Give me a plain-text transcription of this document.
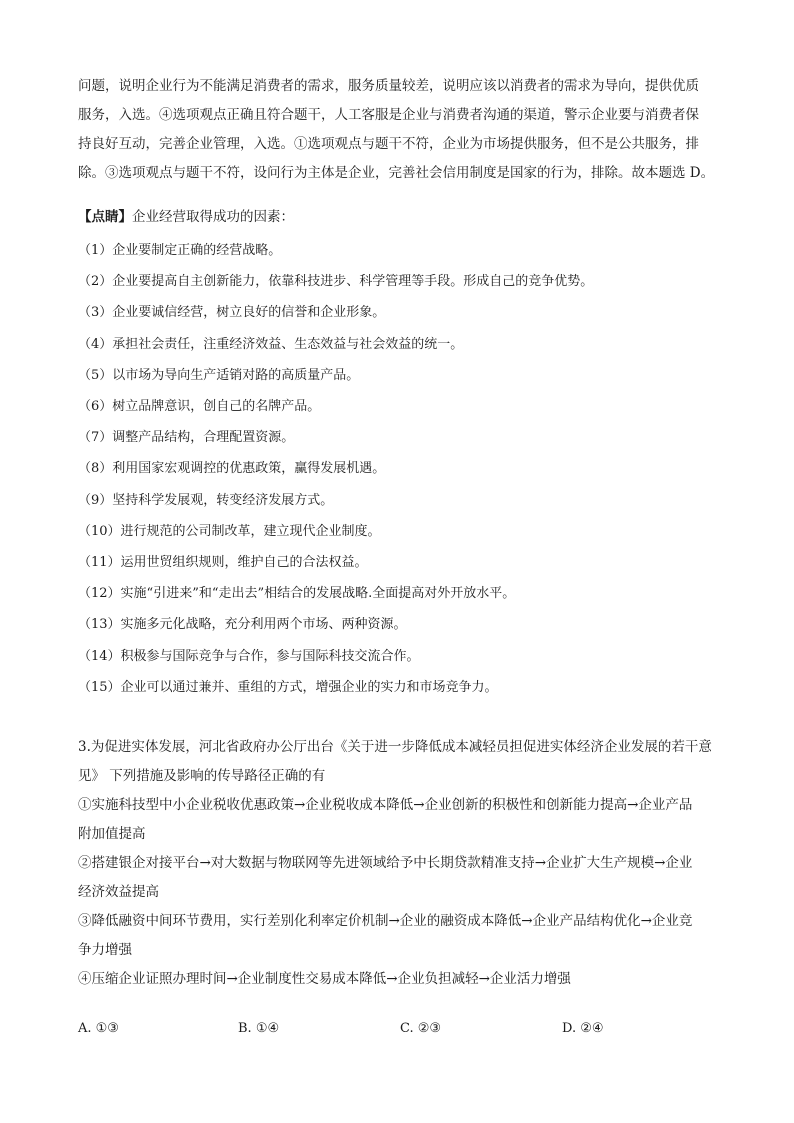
问题，说明企业行为不能满足消费者的需求，服务质量较差，说明应该以消费者的需求为导向，提供优质

服务，入选。④选项观点正确且符合题干，人工客服是企业与消费者沟通的渠道，警示企业要与消费者保

持良好互动，完善企业管理，入选。①选项观点与题干不符，企业为市场提供服务，但不是公共服务，排

除。③选项观点与题干不符，设问行为主体是企业，完善社会信用制度是国家的行为，排除。故本题选 D。

【点睛】企业经营取得成功的因素：

（1）企业要制定正确的经营战略。
（2）企业要提高自主创新能力，依靠科技进步、科学管理等手段。形成自己的竞争优势。
（3）企业要诚信经营，树立良好的信誉和企业形象。
（4）承担社会责任，注重经济效益、生态效益与社会效益的统一。
（5）以市场为导向生产适销对路的高质量产品。
（6）树立品牌意识，创自己的名牌产品。
（7）调整产品结构，合理配置资源。
（8）利用国家宏观调控的优惠政策，赢得发展机遇。
（9）坚持科学发展观，转变经济发展方式。
（10）进行规范的公司制改革，建立现代企业制度。
（11）运用世贸组织规则，维护自己的合法权益。
（12）实施“引进来”和“走出去”相结合的发展战略.全面提高对外开放水平。
（13）实施多元化战略，充分利用两个市场、两种资源。
（14）积极参与国际竞争与合作，参与国际科技交流合作。
（15）企业可以通过兼并、重组的方式，增强企业的实力和市场竞争力。

3.为促进实体发展，河北省政府办公厅出台《关于进一步降低成本减轻员担促进实体经济企业发展的若干意

见》 下列措施及影响的传导路径正确的有

①实施科技型中小企业税收优惠政策→企业税收成本降低→企业创新的积极性和创新能力提高→企业产品

附加值提高

②搭建银企对接平台→对大数据与物联网等先进领域给予中长期贷款精准支持→企业扩大生产规模→企业

经济效益提高

③降低融资中间环节费用，实行差别化利率定价机制→企业的融资成本降低→企业产品结构优化→企业竞

争力增强

④压缩企业证照办理时间→企业制度性交易成本降低→企业负担减轻→企业活力增强

A. ①③	B. ①④	C. ②③	D. ②④
